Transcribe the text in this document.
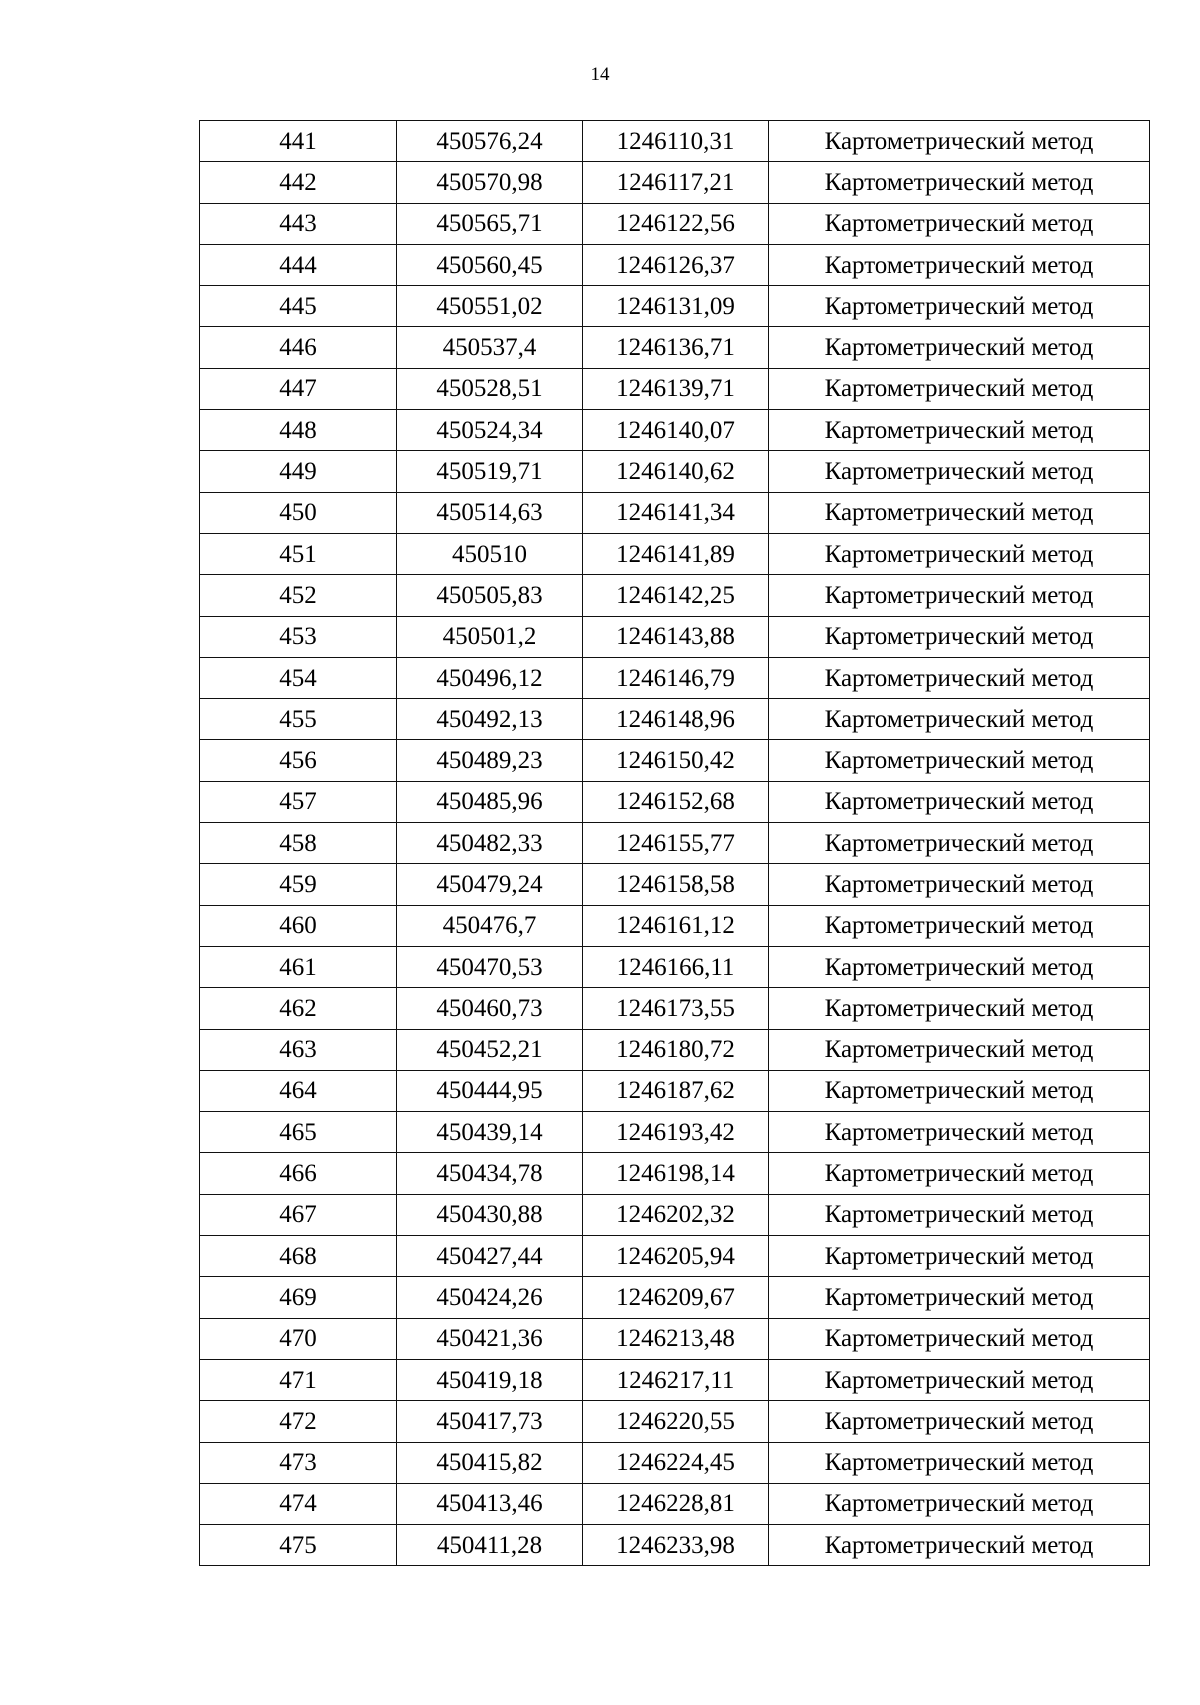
14
441	450576,24	1246110,31	Картометрический метод
442	450570,98	1246117,21	Картометрический метод
443	450565,71	1246122,56	Картометрический метод
444	450560,45	1246126,37	Картометрический метод
445	450551,02	1246131,09	Картометрический метод
446	450537,4	1246136,71	Картометрический метод
447	450528,51	1246139,71	Картометрический метод
448	450524,34	1246140,07	Картометрический метод
449	450519,71	1246140,62	Картометрический метод
450	450514,63	1246141,34	Картометрический метод
451	450510	1246141,89	Картометрический метод
452	450505,83	1246142,25	Картометрический метод
453	450501,2	1246143,88	Картометрический метод
454	450496,12	1246146,79	Картометрический метод
455	450492,13	1246148,96	Картометрический метод
456	450489,23	1246150,42	Картометрический метод
457	450485,96	1246152,68	Картометрический метод
458	450482,33	1246155,77	Картометрический метод
459	450479,24	1246158,58	Картометрический метод
460	450476,7	1246161,12	Картометрический метод
461	450470,53	1246166,11	Картометрический метод
462	450460,73	1246173,55	Картометрический метод
463	450452,21	1246180,72	Картометрический метод
464	450444,95	1246187,62	Картометрический метод
465	450439,14	1246193,42	Картометрический метод
466	450434,78	1246198,14	Картометрический метод
467	450430,88	1246202,32	Картометрический метод
468	450427,44	1246205,94	Картометрический метод
469	450424,26	1246209,67	Картометрический метод
470	450421,36	1246213,48	Картометрический метод
471	450419,18	1246217,11	Картометрический метод
472	450417,73	1246220,55	Картометрический метод
473	450415,82	1246224,45	Картометрический метод
474	450413,46	1246228,81	Картометрический метод
475	450411,28	1246233,98	Картометрический метод
